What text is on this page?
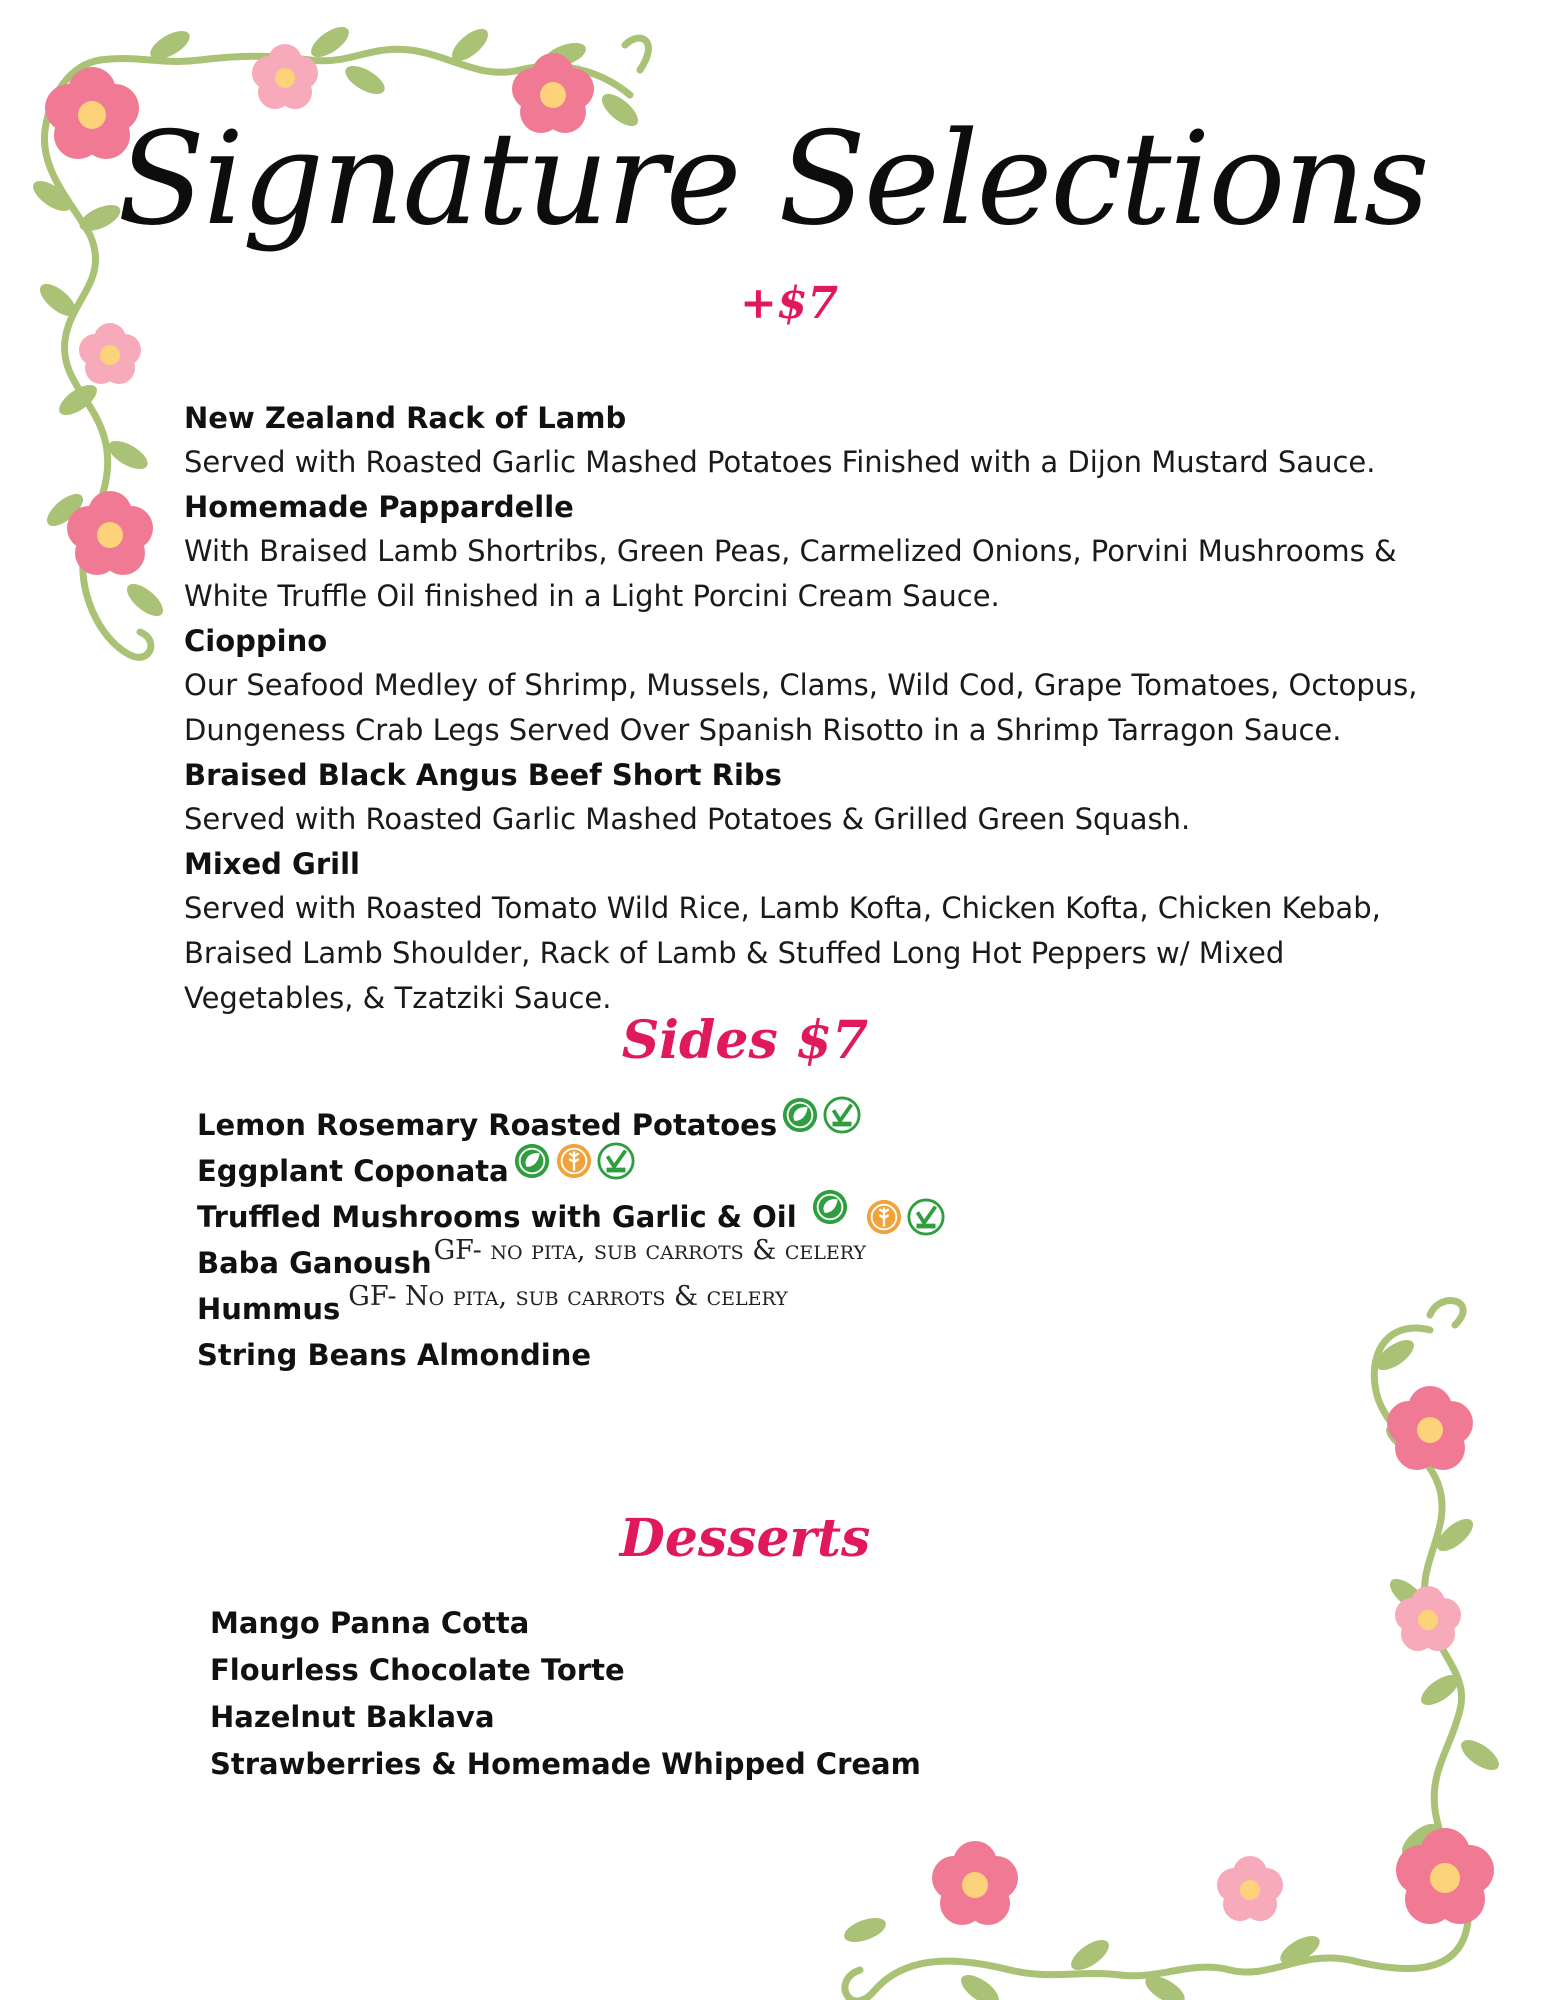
Signature Selections
+$7

New Zealand Rack of Lamb

Served with Roasted Garlic Mashed Potatoes Finished with a Dijon Mustard Sauce.

Homemade Pappardelle

With Braised Lamb Shortribs, Green Peas, Carmelized Onions, Porvini Mushrooms &

White Truffle Oil finished in a Light Porcini Cream Sauce.

Cioppino

Our Seafood Medley of Shrimp, Mussels, Clams, Wild Cod, Grape Tomatoes, Octopus,

Dungeness Crab Legs Served Over Spanish Risotto in a Shrimp Tarragon Sauce.

Braised Black Angus Beef Short Ribs

Served with Roasted Garlic Mashed Potatoes & Grilled Green Squash.

Mixed Grill

Served with Roasted Tomato Wild Rice, Lamb Kofta, Chicken Kofta, Chicken Kebab,

Braised Lamb Shoulder, Rack of Lamb & Stuffed Long Hot Peppers w/ Mixed

Vegetables, & Tzatziki Sauce.

Sides $7
Lemon Rosemary Roasted Potatoes
Eggplant Coponata
Truffled Mushrooms with Garlic & Oil
Baba Ganoush GF- no pita, sub carrots & celery
Hummus GF- No pita, sub carrots & celery
String Beans Almondine
Desserts

Mango Panna Cotta

Flourless Chocolate Torte

Hazelnut Baklava

Strawberries & Homemade Whipped Cream
